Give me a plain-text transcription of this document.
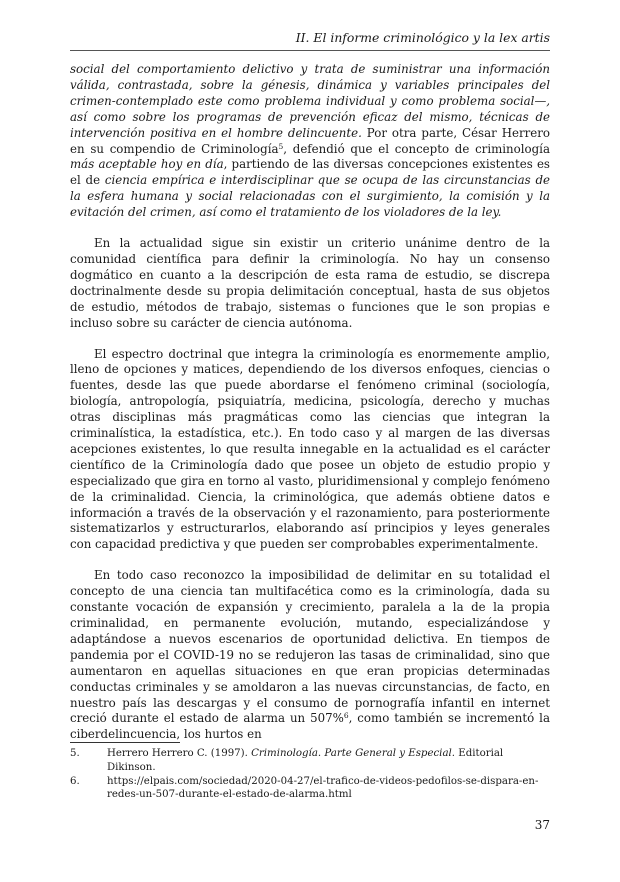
II. El informe criminológico y la lex artis

social del comportamiento delictivo y trata de suministrar una información válida, contrastada, sobre la génesis, dinámica y variables principales del crimen-contemplado este como problema individual y como problema social—, así como sobre los programas de prevención eficaz del mismo, técnicas de intervención positiva en el hombre delincuente. Por otra parte, César Herrero en su compendio de Criminología$^5$, defendió que el concepto de criminología más aceptable hoy en día, partiendo de las diversas concepciones existentes es el de ciencia empírica e interdisciplinar que se ocupa de las circunstancias de la esfera humana y social relacionadas con el surgimiento, la comisión y la evitación del crimen, así como el tratamiento de los violadores de la ley.

En la actualidad sigue sin existir un criterio unánime dentro de la comunidad científica para definir la criminología. No hay un consenso dogmático en cuanto a la descripción de esta rama de estudio, se discrepa doctrinalmente desde su propia delimitación conceptual, hasta de sus objetos de estudio, métodos de trabajo, sistemas o funciones que le son propias e incluso sobre su carácter de ciencia autónoma.

El espectro doctrinal que integra la criminología es enormemente amplio, lleno de opciones y matices, dependiendo de los diversos enfoques, ciencias o fuentes, desde las que puede abordarse el fenómeno criminal (sociología, biología, antropología, psiquiatría, medicina, psicología, derecho y muchas otras disciplinas más pragmáticas como las ciencias que integran la criminalística, la estadística, etc.). En todo caso y al margen de las diversas acepciones existentes, lo que resulta innegable en la actualidad es el carácter científico de la Criminología dado que posee un objeto de estudio propio y especializado que gira en torno al vasto, pluridimensional y complejo fenómeno de la criminalidad. Ciencia, la criminológica, que además obtiene datos e información a través de la observación y el razonamiento, para posteriormente sistematizarlos y estructurarlos, elaborando así principios y leyes generales con capacidad predictiva y que pueden ser comprobables experimentalmente.

En todo caso reconozco la imposibilidad de delimitar en su totalidad el concepto de una ciencia tan multifacética como es la criminología, dada su constante vocación de expansión y crecimiento, paralela a la de la propia criminalidad, en permanente evolución, mutando, especializándose y adaptándose a nuevos escenarios de oportunidad delictiva. En tiempos de pandemia por el COVID-19 no se redujeron las tasas de criminalidad, sino que aumentaron en aquellas situaciones en que eran propicias determinadas conductas criminales y se amoldaron a las nuevas circunstancias, de facto, en nuestro país las descargas y el consumo de pornografía infantil en internet creció durante el estado de alarma un 507%$^6$, como también se incrementó la ciberdelincuencia, los hurtos en

5.	Herrero Herrero C. (1997). Criminología. Parte General y Especial. Editorial Dikinson.
6.	https://elpais.com/sociedad/2020-04-27/el-trafico-de-videos-pedofilos-se-dispara-en-redes-un-507-durante-el-estado-de-alarma.html
37
